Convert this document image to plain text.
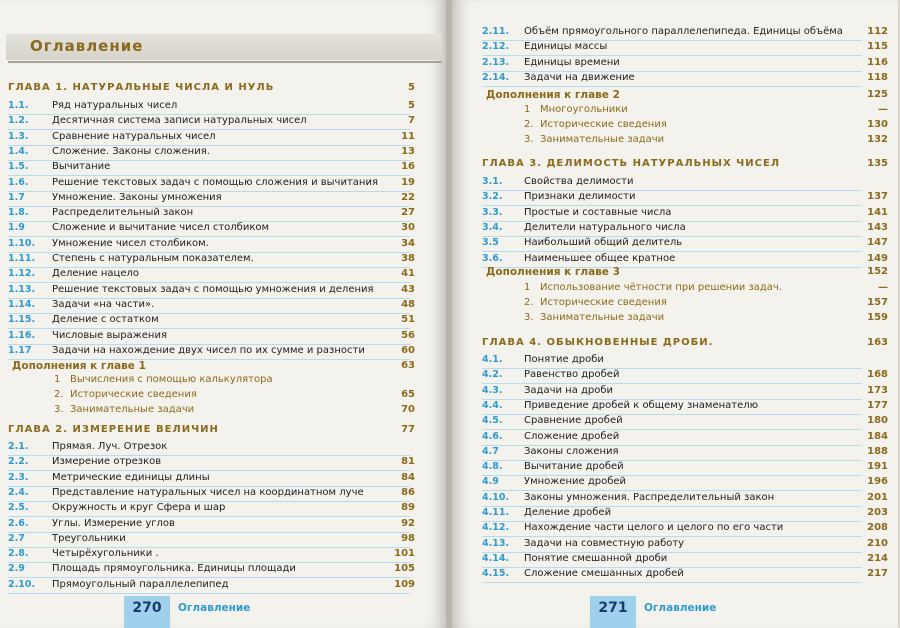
Оглавление
ГЛАВА 1. НАТУРАЛЬНЫЕ ЧИСЛА И НУЛЬ	5
1.1.	Ряд натуральных чисел	5
1.2.	Десятичная система записи натуральных чисел	7
1.3.	Сравнение натуральных чисел	11
1.4.	Сложение. Законы сложения.	13
1.5.	Вычитание	16
1.6.	Решение текстовых задач с помощью сложения и вычитания	19
1.7	Умножение. Законы умножения	22
1.8.	Распределительный закон	27
1.9	Сложение и вычитание чисел столбиком	30
1.10.	Умножение чисел столбиком.	34
1.11.	Степень с натуральным показателем.	38
1.12.	Деление нацело	41
1.13.	Решение текстовых задач с помощью умножения и деления	43
1.14.	Задачи «на части».	48
1.15.	Деление с остатком	51
1.16.	Числовые выражения	56
1.17	Задачи на нахождение двух чисел по их сумме и разности	60
Дополнения к главе 1	63
1 Вычисления с помощью калькулятора
2. Исторические сведения	65
3. Занимательные задачи	70
ГЛАВА 2. ИЗМЕРЕНИЕ ВЕЛИЧИН	77
2.1.	Прямая. Луч. Отрезок
2.2.	Измерение отрезков	81
2.3.	Метрические единицы длины	84
2.4.	Представление натуральных чисел на координатном луче	86
2.5.	Окружность и круг Сфера и шар	89
2.6.	Углы. Измерение углов	92
2.7	Треугольники	98
2.8.	Четырёхугольники .	101
2.9	Площадь прямоугольника. Единицы площади	105
2.10.	Прямоугольный параллелепипед	109
270	Оглавление
2.11.	Объём прямоугольного параллелепипеда. Единицы объёма	112
2.12.	Единицы массы	115
2.13.	Единицы времени	116
2.14.	Задачи на движение	118
Дополнения к главе 2	125
1 Многоугольники	—
2. Исторические сведения	130
3. Занимательные задачи	132
ГЛАВА 3. ДЕЛИМОСТЬ НАТУРАЛЬНЫХ ЧИСЕЛ	135
3.1.	Свойства делимости
3.2.	Признаки делимости	137
3.3.	Простые и составные числа	141
3.4.	Делители натурального числа	143
3.5	Наибольший общий делитель	147
3.6.	Наименьшее общее кратное	149
Дополнения к главе 3	152
1 Использование чётности при решении задач.	—
2. Исторические сведения	157
3. Занимательные задачи	159
ГЛАВА 4. ОБЫКНОВЕННЫЕ ДРОБИ.	163
4.1.	Понятие дроби
4.2.	Равенство дробей	168
4.3.	Задачи на дроби	173
4.4.	Приведение дробей к общему знаменателю	177
4.5.	Сравнение дробей	180
4.6.	Сложение дробей	184
4.7	Законы сложения	188
4.8.	Вычитание дробей	191
4.9	Умножение дробей	196
4.10.	Законы умножения. Распределительный закон	201
4.11.	Деление дробей	203
4.12.	Нахождение части целого и целого по его части	208
4.13.	Задачи на совместную работу	210
4.14.	Понятие смешанной дроби	214
4.15.	Сложение смешанных дробей	217
271	Оглавление
